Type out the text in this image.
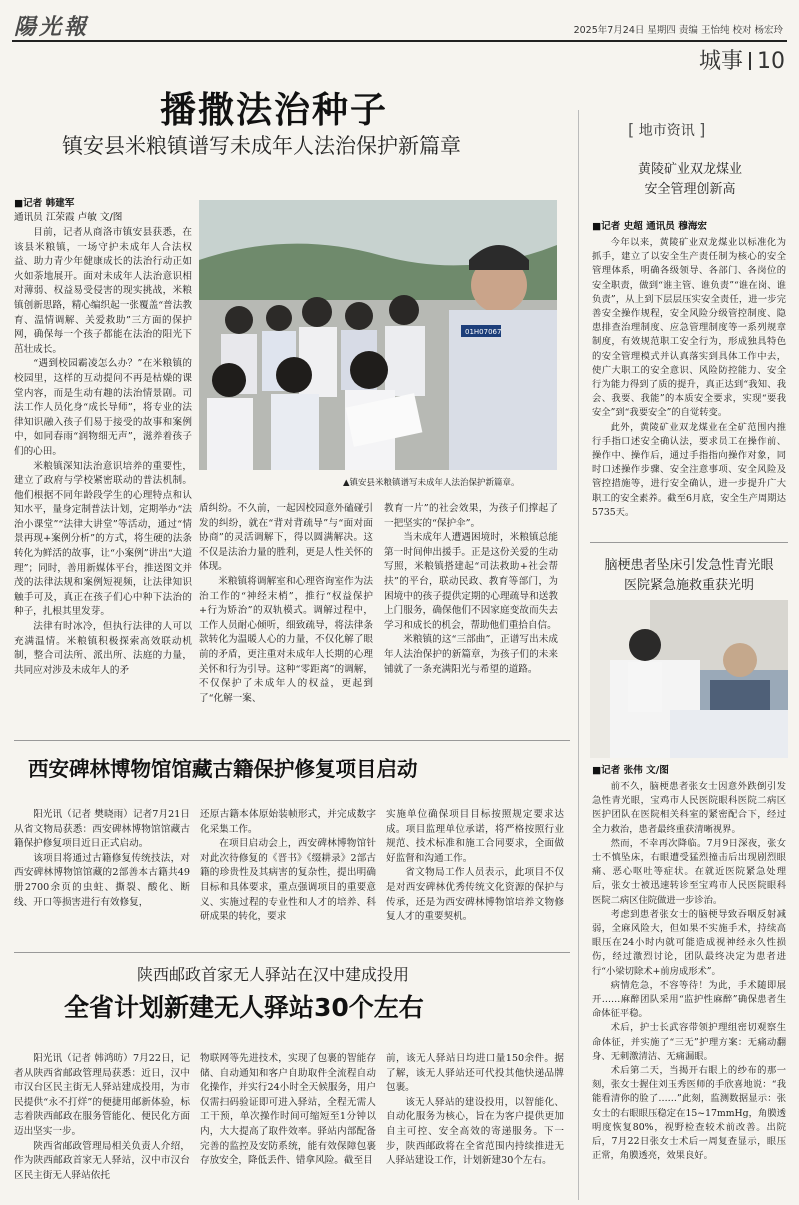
陽光報	2025年7月24日 星期四 责编 王怡纯 校对 杨宏玲
城事 10
播撒法治种子
镇安县米粮镇谱写未成年人法治保护新篇章
■记者 韩建军
通讯员 江荣霞 卢敏 文/图

目前，记者从商洛市镇安县获悉，在该县米粮镇，一场守护未成年人合法权益、助力青少年健康成长的法治行动正如火如荼地展开。面对未成年人法治意识相对薄弱、权益易受侵害的现实挑战，米粮镇创新思路，精心编织起一张覆盖“普法教育、温情调解、关爱救助”三方面的保护网，确保每一个孩子都能在法治的阳光下茁壮成长。

“遇到校园霸凌怎么办？”在米粮镇的校园里，这样的互动提问不再是枯燥的课堂内容，而是生动有趣的法治情景剧。司法工作人员化身“成长导师”，将专业的法律知识融入孩子们易于接受的故事和案例中，如同春雨“润物细无声”，滋养着孩子们的心田。

米粮镇深知法治意识培养的重要性，建立了政府与学校紧密联动的普法机制。他们根据不同年龄段学生的心理特点和认知水平，量身定制普法计划，定期举办“法治小课堂”“法律大讲堂”等活动，通过“情景再现+案例分析”的方式，将生硬的法条转化为鲜活的故事，让“小案例”讲出“大道理”；同时，善用新媒体平台，推送图文并茂的法律法规和案例短视频，让法律知识触手可及，真正在孩子们心中种下法治的种子，扎根其里发芽。

法律有时冰冷，但执行法律的人可以充满温情。米粮镇积极探索高效联动机制，整合司法所、派出所、法庭的力量，共同应对涉及未成年人的矛

01H07067
▲镇安县米粮镇谱写未成年人法治保护新篇章。

盾纠纷。不久前，一起因校园意外磕碰引发的纠纷，就在“背对背疏导”与“面对面协商”的灵活调解下，得以圆满解决。这不仅是法治力量的胜利，更是人性关怀的体现。

米粮镇将调解室和心理咨询室作为法治工作的“神经末梢”，推行“权益保护+行为矫治”的双轨模式。调解过程中，工作人员耐心倾听，细致疏导，将法律条款转化为温暖人心的力量，不仅化解了眼前的矛盾，更注重对未成年人长期的心理关怀和行为引导。这种“零距离”的调解，不仅保护了未成年人的权益，更起到了“化解一案、

教育一片”的社会效果，为孩子们撑起了一把坚实的“保护伞”。

当未成年人遭遇困境时，米粮镇总能第一时间伸出援手。正是这份关爱的生动写照，米粮镇搭建起“司法救助+社会帮扶”的平台，联动民政、教育等部门，为困境中的孩子提供定期的心理疏导和送教上门服务，确保他们不因家庭变故而失去学习和成长的机会，帮助他们重拾自信。

米粮镇的这“三部曲”，正谱写出未成年人法治保护的新篇章，为孩子们的未来铺就了一条充满阳光与希望的道路。

[ 地市资讯 ]
黄陵矿业双龙煤业
安全管理创新高
■记者 史超 通讯员 穆海宏

今年以来，黄陵矿业双龙煤业以标准化为抓手，建立了以安全生产责任制为核心的安全管理体系，明确各级领导、各部门、各岗位的安全职责，做到“谁主管、谁负责”“谁在岗、谁负责”，从上到下层层压实安全责任，进一步完善安全操作规程，安全风险分级管控制度、隐患排查治理制度、应急管理制度等一系列规章制度，有效规范职工安全行为，形成独具特色的安全管理模式并认真落实到具体工作中去，使广大职工的安全意识、风险防控能力、安全行为能力得到了质的提升，真正达到“我知、我会、我要、我能”的本质安全要求，实现“要我安全”到“我要安全”的自觉转变。

此外，黄陵矿业双龙煤业在全矿范围内推行手指口述安全确认法，要求员工在操作前、操作中、操作后，通过手指指向操作对象，同时口述操作步骤、安全注意事项、安全风险及管控措施等，进行安全确认，进一步提升广大职工的安全素养。截至6月底，安全生产周期达5735天。

脑梗患者坠床引发急性青光眼
医院紧急施救重获光明
■记者 张伟 文/图

前不久，脑梗患者张女士因意外跌倒引发急性青光眼，宝鸡市人民医院眼科医院二病区医护团队在医院相关科室的紧密配合下，经过全力救治，患者最终重获清晰视界。

然而，不幸再次降临。7月9日深夜，张女士不慎坠床，右眼遭受猛烈撞击后出现剧烈眼痛、恶心呕吐等症状。在就近医院紧急处理后，张女士被迅速转诊至宝鸡市人民医院眼科医院二病区住院做进一步诊治。

考虑到患者张女士的脑梗导致吞咽反射减弱，全麻风险大，但如果不实施手术，持续高眼压在24小时内就可能造成视神经永久性损伤，经过激烈讨论，团队最终决定为患者进行“小梁切除术+前房成形术”。

病情危急，不容等待！为此，手术随即展开……麻醉团队采用“监护性麻醉”确保患者生命体征平稳。

术后，护士长武容带领护理组密切观察生命体征，并实施了“三无”护理方案：无痛动翻身、无刺激清洁、无痛漏眼。

术后第二天，当揭开右眼上的纱布的那一刻，张女士握住刘玉秀医师的手欣喜地说：“我能看清你的脸了……”此刻，监测数据显示：张女士的右眼眼压稳定在15~17mmHg，角膜透明度恢复80%，视野检查较术前改善。出院后，7月22日张女士术后一周复查显示，眼压正常，角膜透亮，效果良好。

西安碑林博物馆馆藏古籍保护修复项目启动

阳光讯（记者 樊晓雨）记者7月21日从省文物局获悉：西安碑林博物馆馆藏古籍保护修复项目近日正式启动。

该项目将通过古籍修复传统技法，对西安碑林博物馆馆藏的2部善本古籍共49册2700余页的虫蛀、撕裂、酸化、断线、开口等损害进行有效修复，

还原古籍本体原始装帧形式，并完成数字化采集工作。

在项目启动会上，西安碑林博物馆针对此次待修复的《晋书》《缀耕录》2部古籍的珍贵性及其病害的复杂性，提出明确目标和具体要求，重点强调项目的重要意义、实施过程的专业性和人才的培养、科研成果的转化，要求

实施单位确保项目目标按照规定要求达成。项目监理单位承诺，将严格按照行业规范、技术标准和施工合同要求，全面做好监督和沟通工作。

省文物局工作人员表示，此项目不仅是对西安碑林优秀传统文化资源的保护与传承，还是为西安碑林博物馆培养文物修复人才的重要契机。

陕西邮政首家无人驿站在汉中建成投用
全省计划新建无人驿站30个左右

阳光讯（记者 韩鸿昉）7月22日，记者从陕西省邮政管理局获悉：近日，汉中市汉台区民主街无人驿站建成投用，为市民提供“永不打烊”的便捷用邮新体验，标志着陕西邮政在服务管能化、便民化方面迈出坚实一步。

陕西省邮政管理局相关负责人介绍，作为陕西邮政首家无人驿站，汉中市汉台区民主街无人驿站依托

物联网等先进技术，实现了包裹的智能存储、自动通知和客户自助取件全流程自动化操作，并实行24小时全天候服务，用户仅需扫码验证即可进入驿站，全程无需人工干预，单次操作时间可缩短至1分钟以内，大大提高了取件效率。驿站内部配备完善的监控及安防系统，能有效保障包裹存放安全，降低丢件、错拿风险。截至目

前，该无人驿站日均进口量150余件。据了解，该无人驿站还可代投其他快递品牌包裹。

该无人驿站的建设投用，以智能化、自动化服务为核心，旨在为客户提供更加自主可控、安全高效的寄递服务。下一步，陕西邮政将在全省范围内持续推进无人驿站建设工作，计划新建30个左右。
